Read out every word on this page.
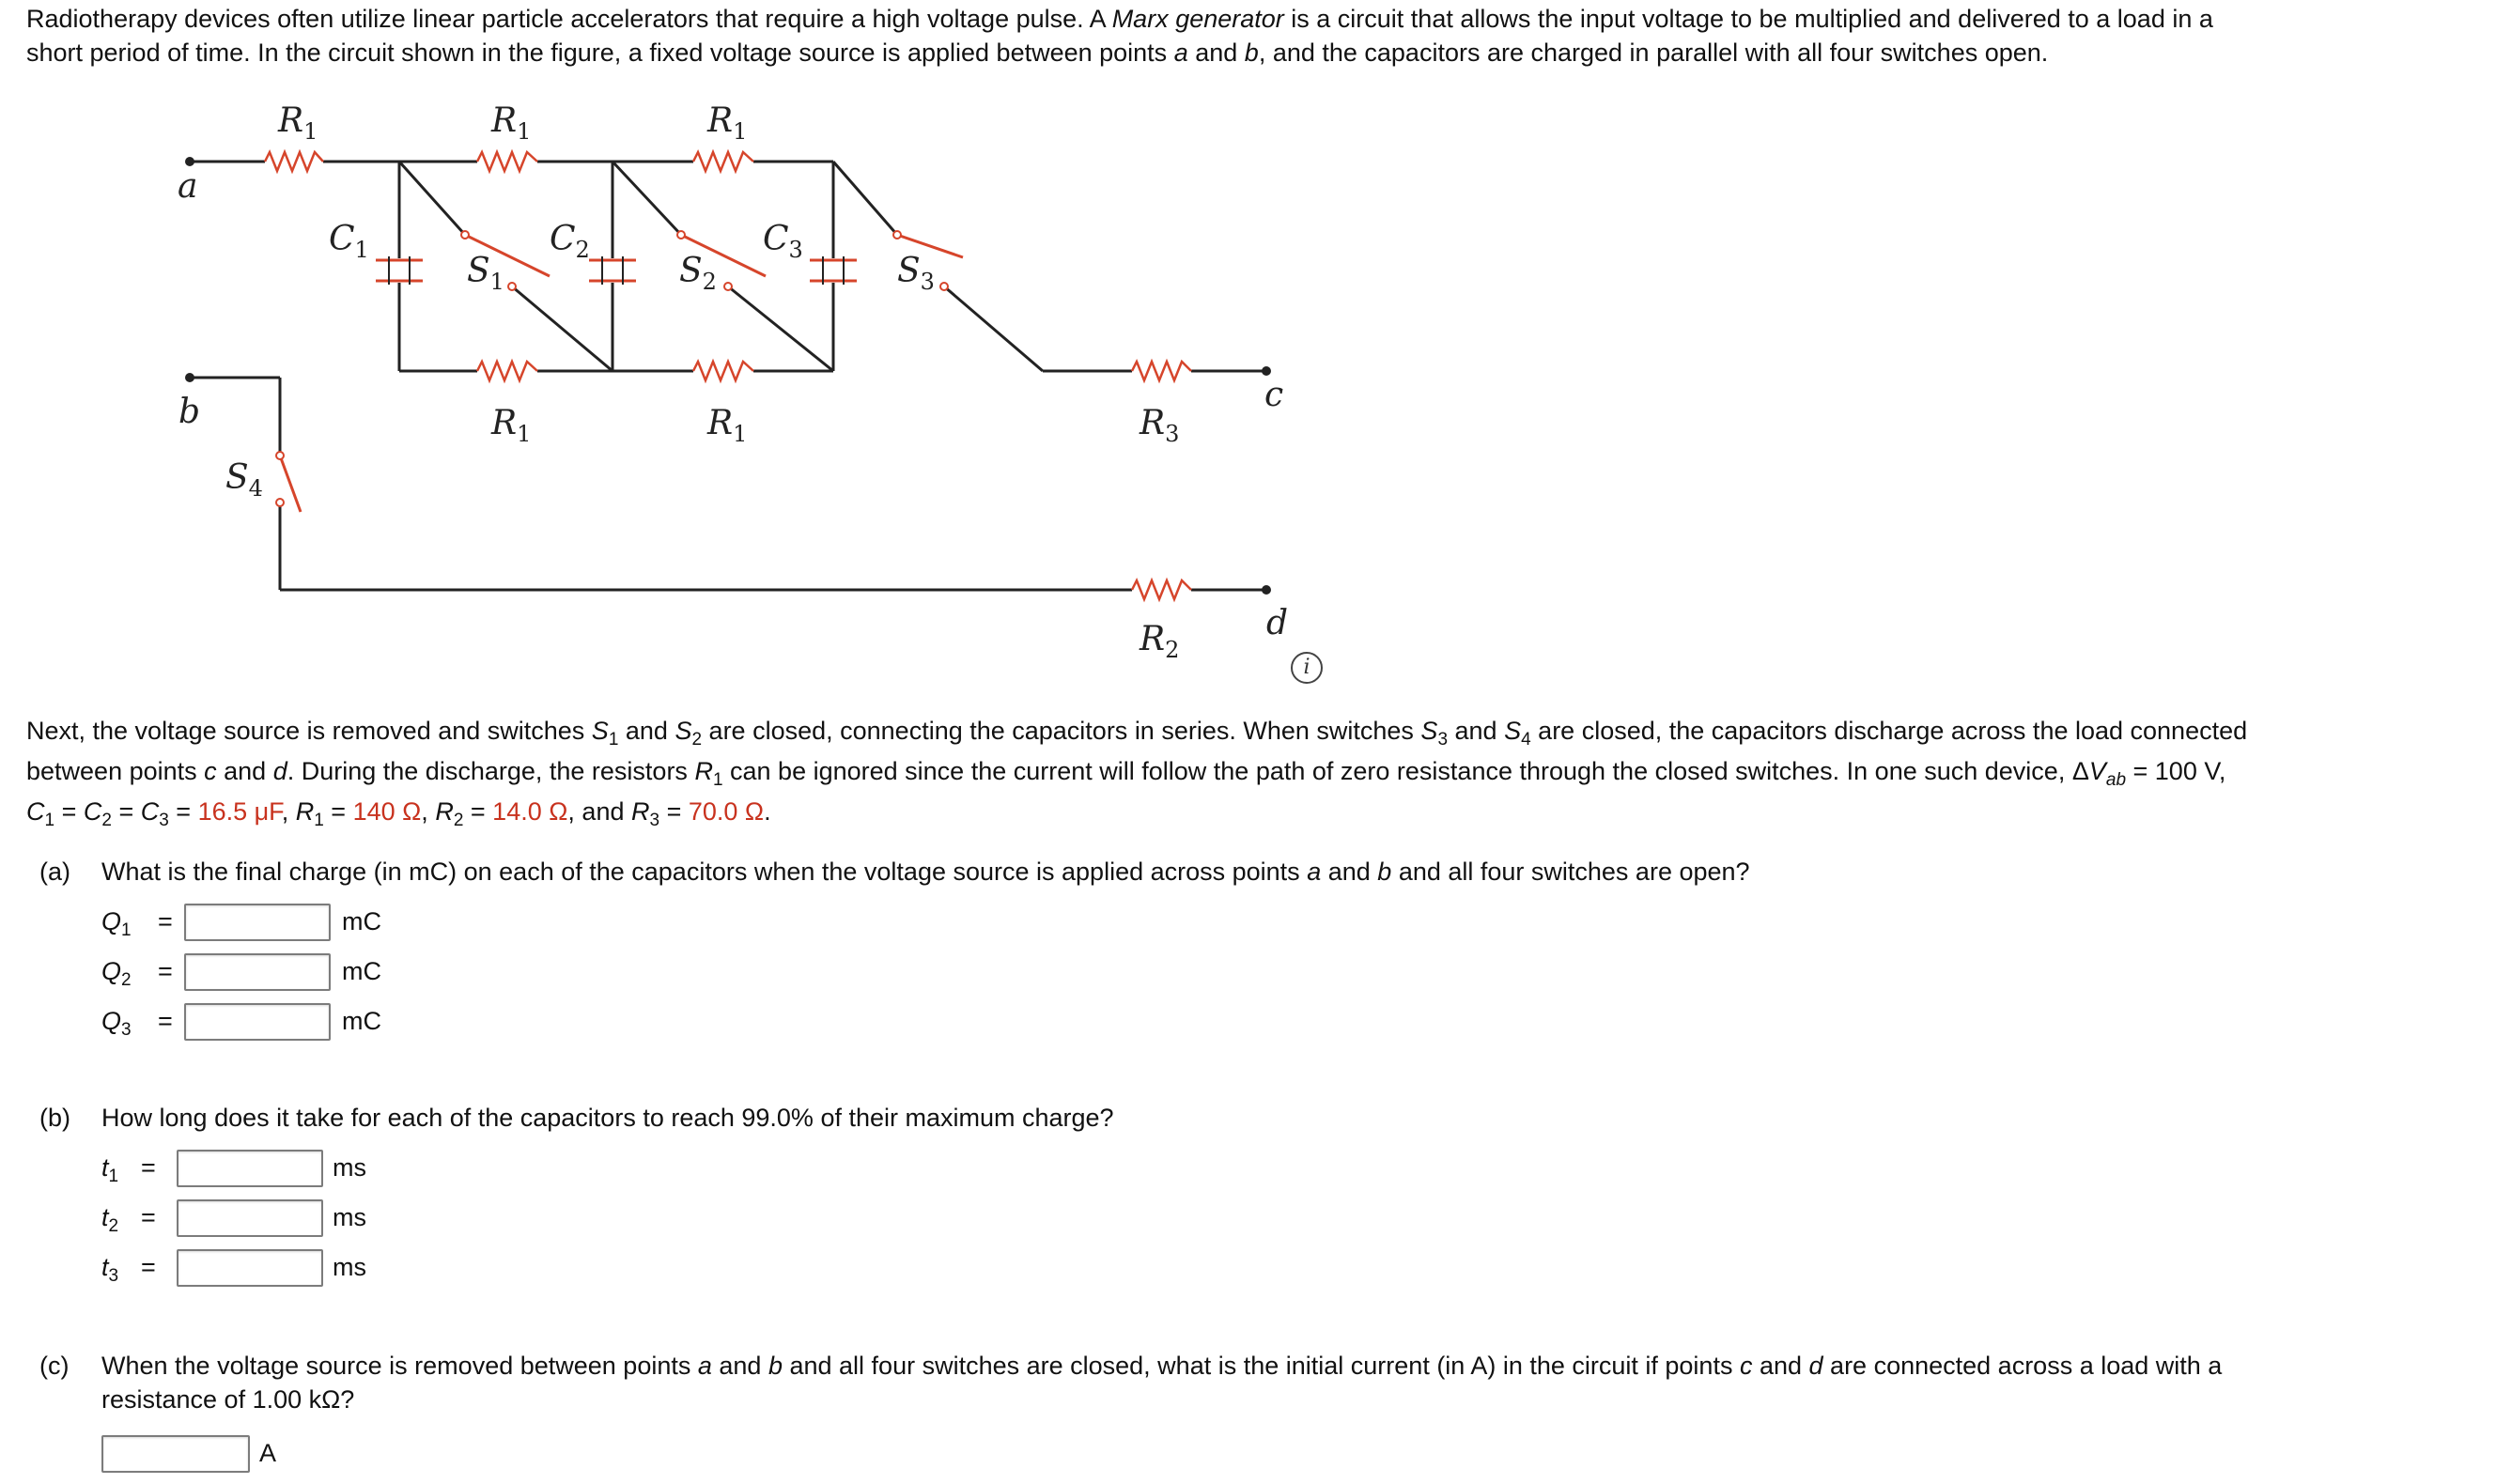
Radiotherapy devices often utilize linear particle accelerators that require a high voltage pulse. A Marx generator is a circuit that allows the input voltage to be multiplied and delivered to a load in a

short period of time. In the circuit shown in the figure, a fixed voltage source is applied between points a and b, and the capacitors are charged in parallel with all four switches open.

a
b	c
d
$R_1$	$R_1$	$R_1$
$R_1$	$R_1$	$R_3$
$R_2$
$C_1$	$C_2$	$C_3$
$S_1$	$S_2$	$S_3$
$S_4$
i

Next, the voltage source is removed and switches $S_1$ and $S_2$ are closed, connecting the capacitors in series. When switches $S_3$ and $S_4$ are closed, the capacitors discharge across the load connected

between points c and d. During the discharge, the resistors $R_1$ can be ignored since the current will follow the path of zero resistance through the closed switches. In one such device, $\Delta V_{ab} = 100$ V,

$C_1 = C_2 = C_3 = 16.5$ μF, $R_1 = 140$ Ω, $R_2 = 14.0$ Ω, and $R_3 = 70.0$ Ω.

(a) What is the final charge (in mC) on each of the capacitors when the voltage source is applied across points a and b and all four switches are open?
$Q_1$	=	mC
$Q_2$	=	mC
$Q_3$	=	mC
(b) How long does it take for each of the capacitors to reach 99.0% of their maximum charge?
$t_1$ =	ms
$t_2$ =	ms
$t_3$ =	ms
(c) When the voltage source is removed between points a and b and all four switches are closed, what is the initial current (in A) in the circuit if points c and d are connected across a load with a
resistance of 1.00 kΩ?
A
